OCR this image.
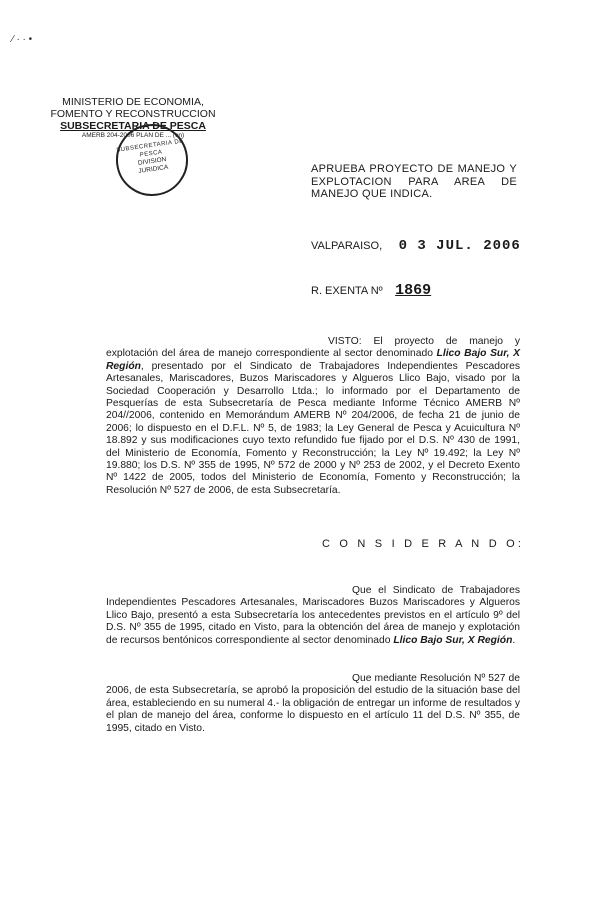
∕ · · •
MINISTERIO DE ECONOMIA,
FOMENTO Y RECONSTRUCCION
SUBSECRETARIA DE PESCA
AMERB 204-2006 PLAN DE ... (cn)
SUBSECRETARIA DE PESCA
DIVISION
JURIDICA	APRUEBA PROYECTO DE MANEJO Y EXPLOTACION PARA AREA DE MANEJO QUE INDICA.
VALPARAISO, 0 3 JUL. 2006
R. EXENTA Nº 1869
VISTO: El proyecto de manejo y explotación del área de manejo correspondiente al sector denominado Llico Bajo Sur, X Región, presentado por el Sindicato de Trabajadores Independientes Pescadores Artesanales, Mariscadores, Buzos Mariscadores y Algueros Llico Bajo, visado por la Sociedad Cooperación y Desarrollo Ltda.; lo informado por el Departamento de Pesquerías de esta Subsecretaría de Pesca mediante Informe Técnico AMERB Nº 204//2006, contenido en Memorándum AMERB Nº 204/2006, de fecha 21 de junio de 2006; lo dispuesto en el D.F.L. Nº 5, de 1983; la Ley General de Pesca y Acuicultura Nº 18.892 y sus modificaciones cuyo texto refundido fue fijado por el D.S. Nº 430 de 1991, del Ministerio de Economía, Fomento y Reconstrucción; la Ley Nº 19.492; la Ley Nº 19.880; los D.S. Nº 355 de 1995, Nº 572 de 2000 y Nº 253 de 2002, y el Decreto Exento Nº 1422 de 2005, todos del Ministerio de Economía, Fomento y Reconstrucción; la Resolución Nº 527 de 2006, de esta Subsecretaría.
C O N S I D E R A N D O:
Que el Sindicato de Trabajadores Independientes Pescadores Artesanales, Mariscadores Buzos Mariscadores y Algueros Llico Bajo, presentó a esta Subsecretaría los antecedentes previstos en el artículo 9º del D.S. Nº 355 de 1995, citado en Visto, para la obtención del área de manejo y explotación de recursos bentónicos correspondiente al sector denominado Llico Bajo Sur, X Región.
Que mediante Resolución Nº 527 de 2006, de esta Subsecretaría, se aprobó la proposición del estudio de la situación base del área, estableciendo en su numeral 4.- la obligación de entregar un informe de resultados y el plan de manejo del área, conforme lo dispuesto en el artículo 11 del D.S. Nº 355, de 1995, citado en Visto.
